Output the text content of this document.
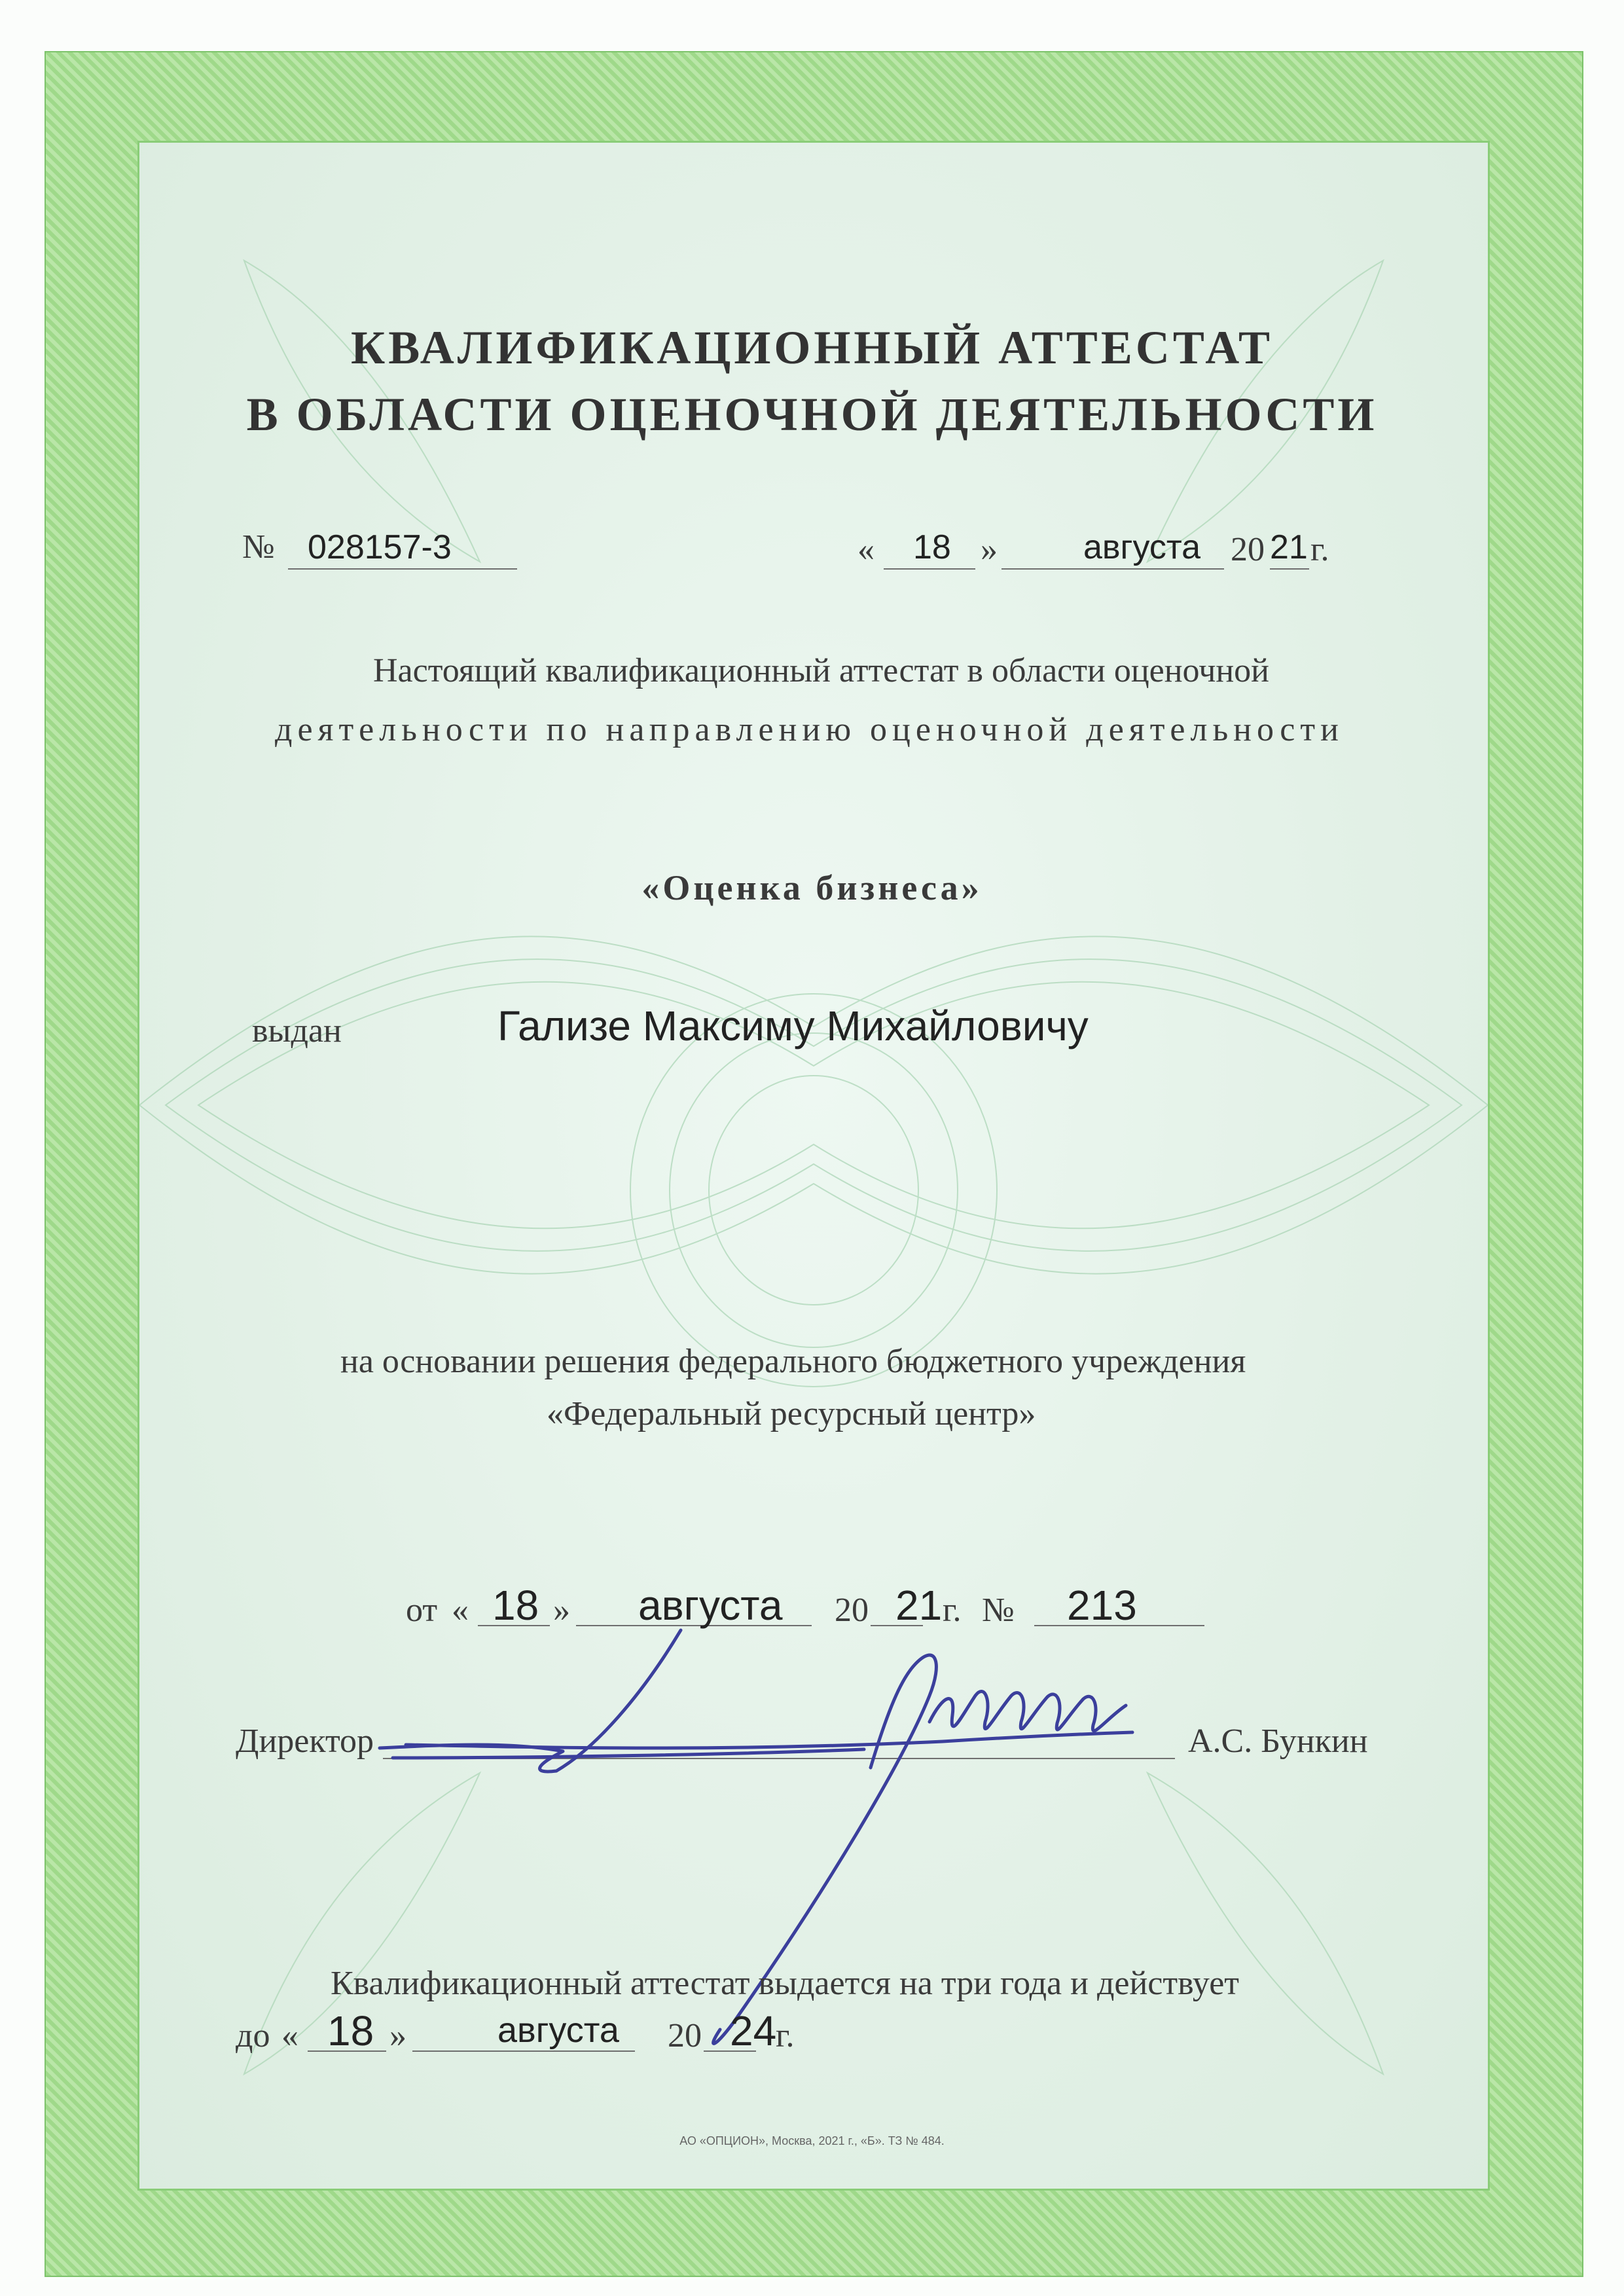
КВАЛИФИКАЦИОННЫЙ АТТЕСТАТ
В ОБЛАСТИ ОЦЕНОЧНОЙ ДЕЯТЕЛЬНОСТИ
№ 028157-3	« 18 »	августа 20 21 г.
Настоящий квалификационный аттестат в области оценочной
деятельности по направлению оценочной деятельности
«Оценка бизнеса»
выдан	Гализе Максиму Михайловичу
на основании решения федерального бюджетного учреждения
«Федеральный ресурсный центр»
от « 18 » августа 20 21 г. № 213
Директор	А.С. Бункин
Квалификационный аттестат выдается на три года и действует
до « 18 »	августа 20 24
г.
АО «ОПЦИОН», Москва, 2021 г., «Б». ТЗ № 484.
